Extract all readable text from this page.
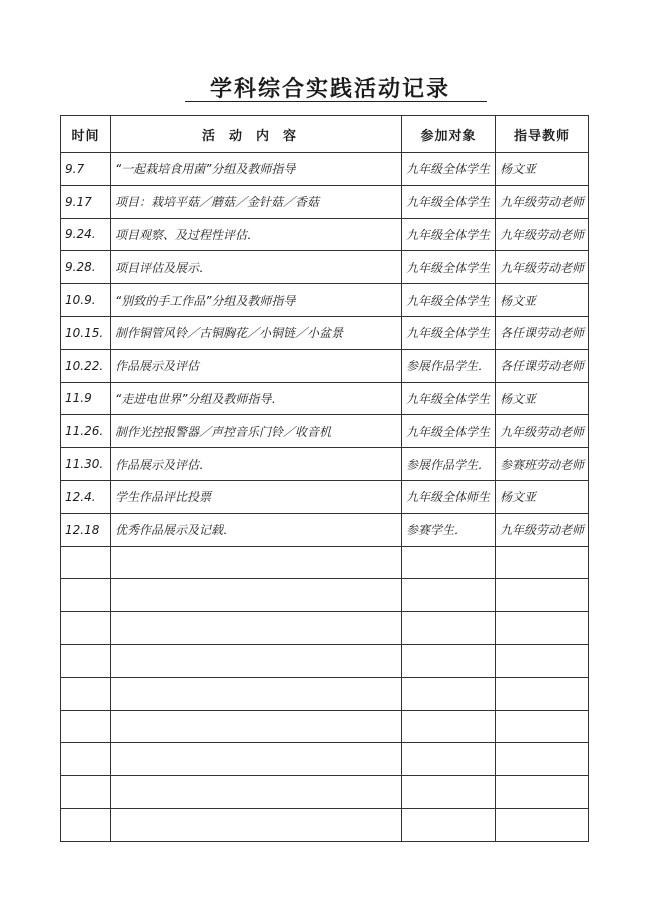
学科综合实践活动记录
时间	活动内容	参加对象	指导教师
9.7	“一起栽培食用菌”分组及教师指导	九年级全体学生	杨文亚
9.17	项目：栽培平菇／蘑菇／金针菇／香菇	九年级全体学生	九年级劳动老师
9.24.	项目观察、及过程性评估．	九年级全体学生	九年级劳动老师
9.28.	项目评估及展示．	九年级全体学生	九年级劳动老师
10.9.	“别致的手工作品”分组及教师指导	九年级全体学生	杨文亚
10.15.	制作铜管风铃／古铜胸花／小铜链／小盆景	九年级全体学生	各任课劳动老师
10.22.	作品展示及评估	参展作品学生．	各任课劳动老师
11.9	“走进电世界”分组及教师指导．	九年级全体学生	杨文亚
11.26.	制作光控报警器／声控音乐门铃／收音机	九年级全体学生	九年级劳动老师
11.30.	作品展示及评估．	参展作品学生．	参赛班劳动老师
12.4.	学生作品评比投票	九年级全体师生	杨文亚
12.18	优秀作品展示及记载．	参赛学生．	九年级劳动老师
